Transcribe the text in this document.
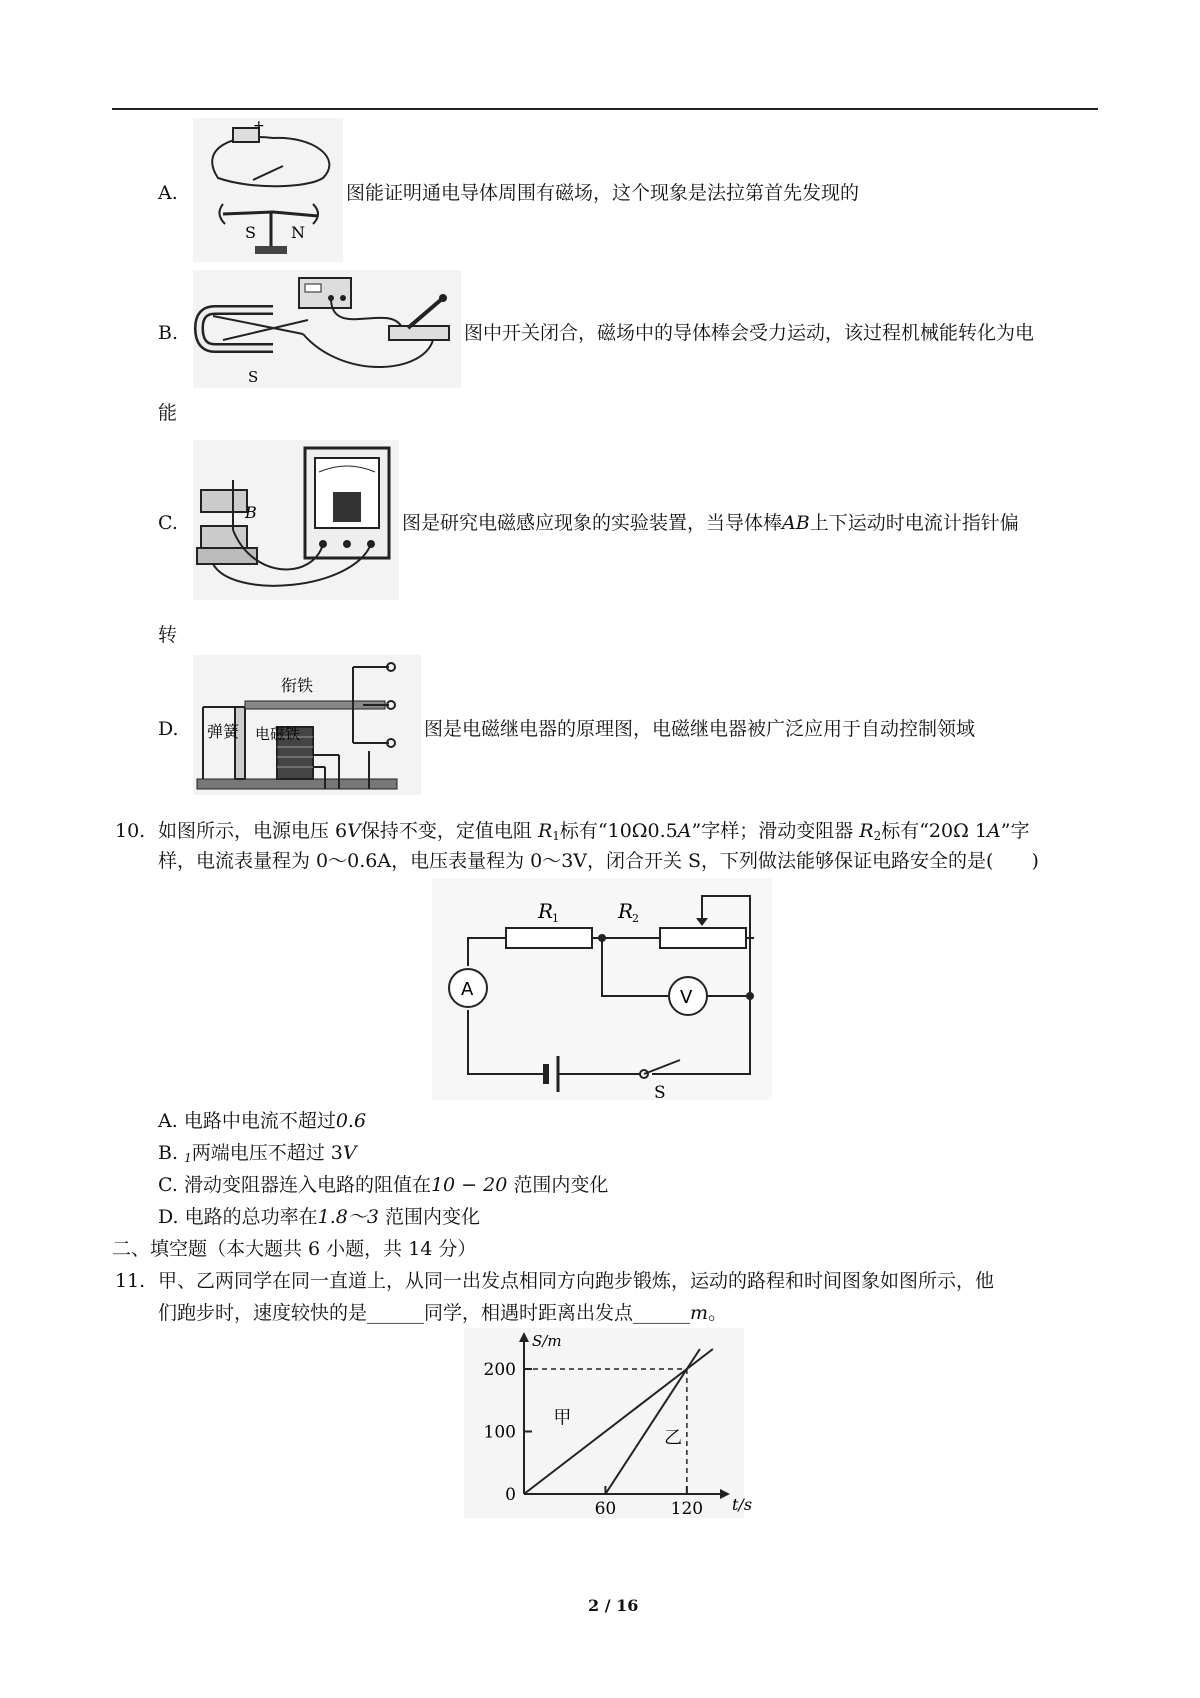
A.
+
S N
图能证明通电导体周围有磁场，这个现象是法拉第首先发现的
B.
S
图中开关闭合，磁场中的导体棒会受力运动，该过程机械能转化为电
能
C.	B	图是研究电磁感应现象的实验装置，当导体棒AB上下运动时电流计指针偏
转
D. 弹簧
衔铁
电磁铁	图是电磁继电器的原理图，电磁继电器被广泛应用于自动控制领域
10. 如图所示，电源电压 6V保持不变，定值电阻 $R_1$标有“10Ω0.5A”字样；滑动变阻器 $R_2$标有“20Ω 1A”字
样，电流表量程为 0～0.6A，电压表量程为 0～3V，闭合开关 S，下列做法能够保证电路安全的是(　　)
V
S
A
R
1	R
2
A. 电路中电流不超过0.6
B. $_1$两端电压不超过 3V
C. 滑动变阻器连入电路的阻值在10 − 20 范围内变化
D. 电路的总功率在1.8～3 范围内变化
二、填空题（本大题共 6 小题，共 14 分）
11. 甲、乙两同学在同一直道上，从同一出发点相同方向跑步锻炼，运动的路程和时间图象如图所示，他
们跑步时，速度较快的是______同学，相遇时距离出发点______m。
t/s
S/m
0
100
200
60	120
甲
乙
2 / 16
